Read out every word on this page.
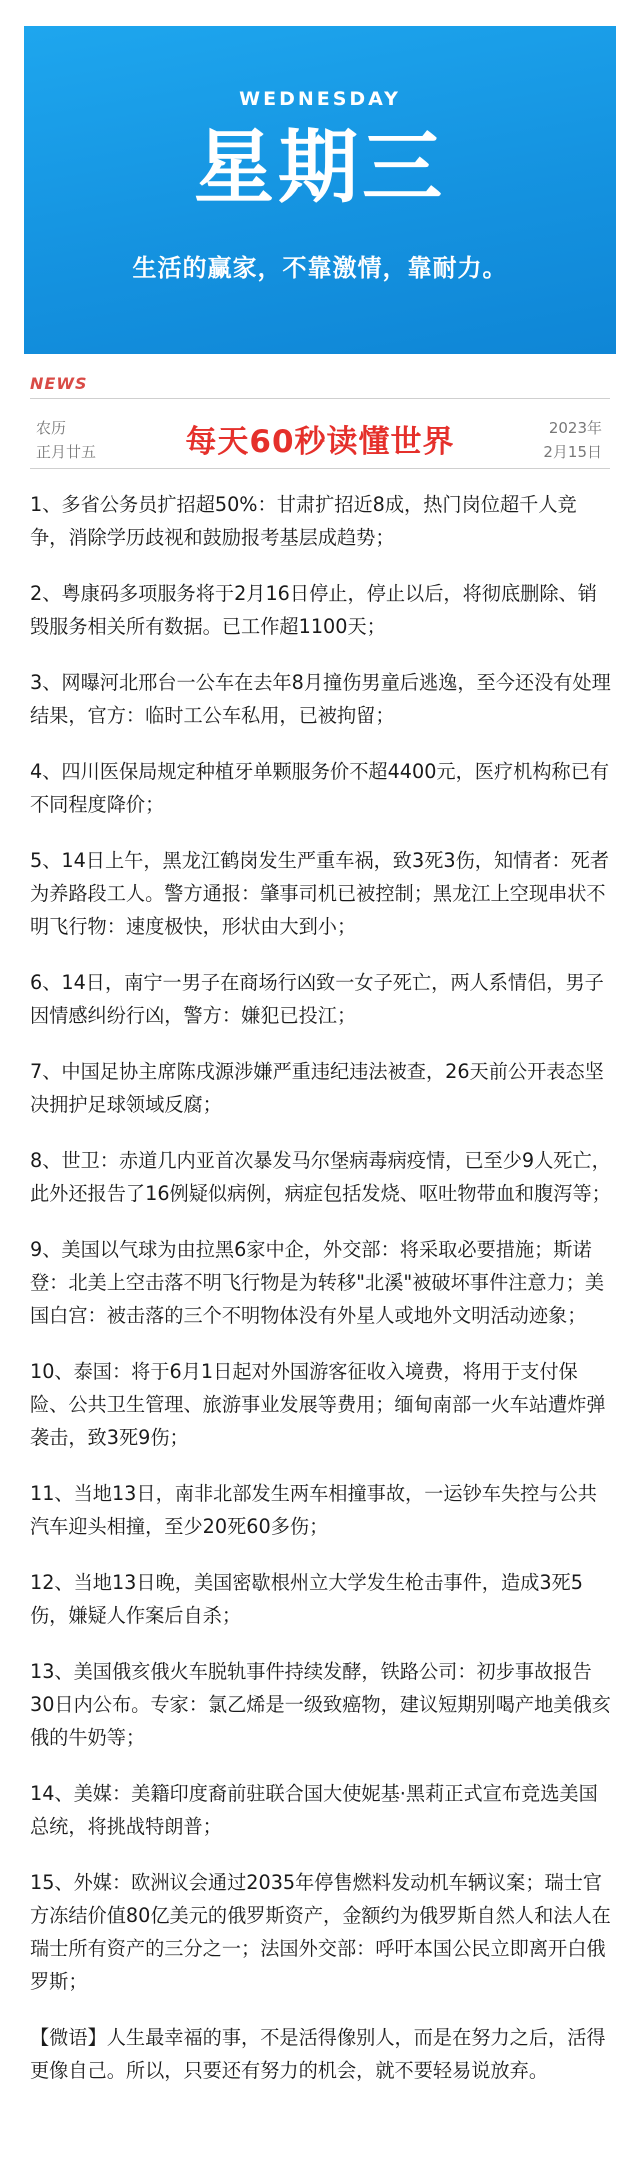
WEDNESDAY
星期三
生活的赢家，不靠激情，靠耐力。
NEWS
农历
正月廿五	每天60秒读懂世界	2023年
2月15日

1、多省公务员扩招超50%：甘肃扩招近8成，热门岗位超千人竞争，消除学历歧视和鼓励报考基层成趋势；

2、粤康码多项服务将于2月16日停止，停止以后，将彻底删除、销毁服务相关所有数据。已工作超1100天；

3、网曝河北邢台一公车在去年8月撞伤男童后逃逸，至今还没有处理结果，官方：临时工公车私用，已被拘留；

4、四川医保局规定种植牙单颗服务价不超4400元，医疗机构称已有不同程度降价；

5、14日上午，黑龙江鹤岗发生严重车祸，致3死3伤，知情者：死者为养路段工人。警方通报：肇事司机已被控制；黑龙江上空现串状不明飞行物：速度极快，形状由大到小；

6、14日，南宁一男子在商场行凶致一女子死亡，两人系情侣，男子因情感纠纷行凶，警方：嫌犯已投江；

7、中国足协主席陈戌源涉嫌严重违纪违法被查，26天前公开表态坚决拥护足球领域反腐；

8、世卫：赤道几内亚首次暴发马尔堡病毒病疫情，已至少9人死亡，此外还报告了16例疑似病例，病症包括发烧、呕吐物带血和腹泻等；

9、美国以气球为由拉黑6家中企，外交部：将采取必要措施；斯诺登：北美上空击落不明飞行物是为转移"北溪"被破坏事件注意力；美国白宫：被击落的三个不明物体没有外星人或地外文明活动迹象；

10、泰国：将于6月1日起对外国游客征收入境费，将用于支付保险、公共卫生管理、旅游事业发展等费用；缅甸南部一火车站遭炸弹袭击，致3死9伤；

11、当地13日，南非北部发生两车相撞事故，一运钞车失控与公共汽车迎头相撞，至少20死60多伤；

12、当地13日晚，美国密歇根州立大学发生枪击事件，造成3死5伤，嫌疑人作案后自杀；

13、美国俄亥俄火车脱轨事件持续发酵，铁路公司：初步事故报告30日内公布。专家：氯乙烯是一级致癌物，建议短期别喝产地美俄亥俄的牛奶等；

14、美媒：美籍印度裔前驻联合国大使妮基·黑莉正式宣布竞选美国总统，将挑战特朗普；

15、外媒：欧洲议会通过2035年停售燃料发动机车辆议案；瑞士官方冻结价值80亿美元的俄罗斯资产，金额约为俄罗斯自然人和法人在瑞士所有资产的三分之一；法国外交部：呼吁本国公民立即离开白俄罗斯；

【微语】人生最幸福的事，不是活得像别人，而是在努力之后，活得更像自己。所以，只要还有努力的机会，就不要轻易说放弃。
